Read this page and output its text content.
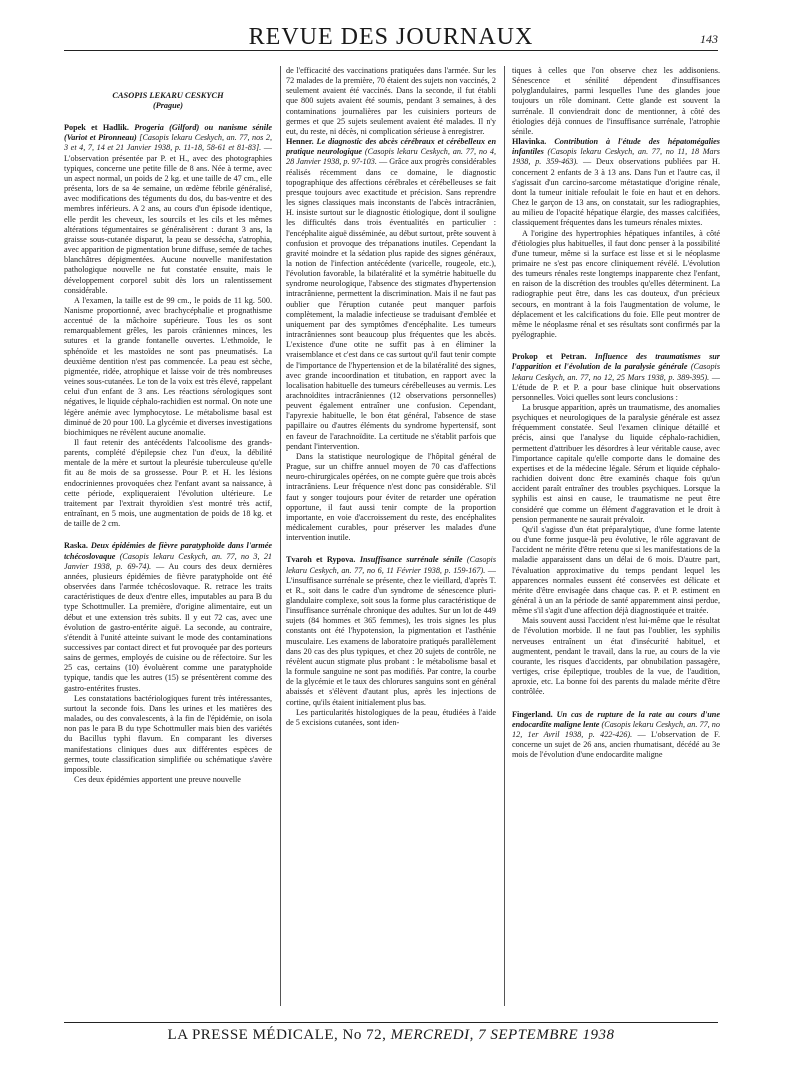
REVUE DES JOURNAUX	143
CASOPIS LEKARU CESKYCH
(Prague)

Popek et Hadlik. Progeria (Gilford) ou nanisme sénile (Variot et Pironneau) [Casopis lekaru Ceskych, an. 77, nos 2, 3 et 4, 7, 14 et 21 Janvier 1938, p. 11-18, 58-61 et 81-83]. — L'observation présentée par P. et H., avec des photographies typiques, concerne une petite fille de 8 ans. Née à terme, avec un aspect normal, un poids de 2 kg. et une taille de 47 cm., elle présenta, lors de sa 4e semaine, un œdème fébrile généralisé, avec modifications des téguments du dos, du bas-ventre et des membres inférieurs. A 2 ans, au cours d'un épisode identique, elle perdit les cheveux, les sourcils et les cils et les mêmes altérations tégumentaires se généralisèrent : durant 3 ans, la graisse sous-cutanée disparut, la peau se dessécha, s'atrophia, avec apparition de pigmentation brune diffuse, semée de taches blanchâtres dépigmentées. Aucune nouvelle manifestation pathologique nouvelle ne fut constatée ensuite, mais le développement corporel subit dès lors un ralentissement considérable.

A l'examen, la taille est de 99 cm., le poids de 11 kg. 500. Nanisme proportionné, avec brachycéphalie et prognathisme accentué de la mâchoire supérieure. Tous les os sont remarquablement grêles, les parois crâniennes minces, les sutures et la grande fontanelle ouvertes. L'ethmoïde, le sphénoïde et les mastoïdes ne sont pas pneumatisés. La deuxième dentition n'est pas commencée. La peau est sèche, pigmentée, ridée, atrophique et laisse voir de très nombreuses veines sous-cutanées. Le ton de la voix est très élevé, rappelant celui d'un enfant de 3 ans. Les réactions sérologiques sont négatives, le liquide céphalo-rachidien est normal. On note une légère anémie avec lymphocytose. Le métabolisme basal est diminué de 20 pour 100. La glycémie et diverses investigations biochimiques ne révèlent aucune anomalie.

Il faut retenir des antécédents l'alcoolisme des grands-parents, complété d'épilepsie chez l'un d'eux, la débilité mentale de la mère et surtout la pleurésie tuberculeuse qu'elle fit au 8e mois de sa grossesse. Pour P. et H. les lésions endocriniennes provoquées chez l'enfant avant sa naissance, à cette période, expliqueraient l'évolution ultérieure. Le traitement par l'extrait thyroïdien s'est montré très actif, entraînant, en 5 mois, une augmentation de poids de 18 kg. et de taille de 2 cm.

Raska. Deux épidémies de fièvre paratyphoïde dans l'armée tchécoslovaque (Casopis lekaru Ceskych, an. 77, no 3, 21 Janvier 1938, p. 69-74). — Au cours des deux dernières années, plusieurs épidémies de fièvre paratyphoïde ont été observées dans l'armée tchécoslovaque. R. retrace les traits caractéristiques de deux d'entre elles, imputables au para B du type Schottmuller. La première, d'origine alimentaire, eut un début et une extension très subits. Il y eut 72 cas, avec une évolution de gastro-entérite aiguë. La seconde, au contraire, s'étendit à l'unité atteinte suivant le mode des contaminations successives par contact direct et fut provoquée par des porteurs sains de germes, employés de cuisine ou de réfectoire. Sur les 25 cas, certains (10) évoluèrent comme une paratyphoïde typique, tandis que les autres (15) se présentèrent comme des gastro-entérites frustes.

Les constatations bactériologiques furent très intéressantes, surtout la seconde fois. Dans les urines et les matières des malades, ou des convalescents, à la fin de l'épidémie, on isola non pas le para B du type Schottmuller mais bien des variétés du Bacillus typhi flavum. En comparant les diverses manifestations cliniques dues aux différentes espèces de germes, toute classification simplifiée ou schématique s'avère impossible.

Ces deux épidémies apportent une preuve nouvelle

de l'efficacité des vaccinations pratiquées dans l'armée. Sur les 72 malades de la première, 70 étaient des sujets non vaccinés, 2 seulement avaient été vaccinés. Dans la seconde, il fut établi que 800 sujets avaient été soumis, pendant 3 semaines, à des contaminations journalières par les cuisiniers porteurs de germes et que 25 sujets seulement avaient été malades. Il n'y eut, du reste, ni décès, ni complication sérieuse à enregistrer.

Henner. Le diagnostic des abcès cérébraux et cérébelleux en pratique neurologique (Casopis lekaru Ceskych, an. 77, no 4, 28 Janvier 1938, p. 97-103. — Grâce aux progrès considérables réalisés récemment dans ce domaine, le diagnostic topographique des affections cérébrales et cérébelleuses se fait presque toujours avec exactitude et précision. Sans reprendre les signes classiques mais inconstants de l'abcès intracrânien, H. insiste surtout sur le diagnostic étiologique, dont il souligne les difficultés dans trois éventualités en particulier : l'encéphalite aiguë disséminée, au début surtout, prête souvent à confusion et provoque des trépanations inutiles. Cependant la gravité moindre et la sédation plus rapide des signes généraux, la notion de l'infection antécédente (varicelle, rougeole, etc.), l'évolution favorable, la bilatéralité et la symétrie habituelle du syndrome neurologique, l'absence des stigmates d'hypertension intracrânienne, permettent la discrimination. Mais il ne faut pas oublier que l'éruption cutanée peut manquer parfois complètement, la maladie infectieuse se traduisant d'emblée et uniquement par des symptômes d'encéphalite. Les tumeurs intracrâniennes sont beaucoup plus fréquentes que les abcès. L'existence d'une otite ne suffit pas à en éliminer la vraisemblance et c'est dans ce cas surtout qu'il faut tenir compte de l'importance de l'hypertension et de la bilatéralité des signes, avec grande incoordination et titubation, en rapport avec la localisation habituelle des tumeurs cérébelleuses au vermis. Les arachnoïdites intracrâniennes (12 observations personnelles) peuvent également entraîner une confusion. Cependant, l'apyrexie habituelle, le bon état général, l'absence de stase papillaire ou d'autres éléments du syndrome hypertensif, sont en faveur de l'arachnoïdite. La certitude ne s'établit parfois que pendant l'intervention.

Dans la statistique neurologique de l'hôpital général de Prague, sur un chiffre annuel moyen de 70 cas d'affections neuro-chirurgicales opérées, on ne compte guère que trois abcès intracrâniens. Leur fréquence n'est donc pas considérable. S'il faut y songer toujours pour éviter de retarder une opération opportune, il faut aussi tenir compte de la proportion importante, en voie d'accroissement du reste, des encéphalites médicalement curables, pour préserver les malades d'une intervention inutile.

Tvaroh et Rypova. Insuffisance surrénale sénile (Casopis lekaru Ceskych, an. 77, no 6, 11 Février 1938, p. 159-167). — L'insuffisance surrénale se présente, chez le vieillard, d'après T. et R., soit dans le cadre d'un syndrome de sénescence pluri-glandulaire complexe, soit sous la forme plus caractéristique de l'insuffisance surrénale chronique des adultes. Sur un lot de 449 sujets (84 hommes et 365 femmes), les trois signes les plus constants ont été l'hypotension, la pigmentation et l'asthénie musculaire. Les examens de laboratoire pratiqués parallèlement dans 20 cas des plus typiques, et chez 20 sujets de contrôle, ne révèlent aucun stigmate plus probant : le métabolisme basal et la formule sanguine ne sont pas modifiés. Par contre, la courbe de la glycémie et le taux des chlorures sanguins sont en général abaissés et s'élèvent d'autant plus, après les injections de cortine, qu'ils étaient initialement plus bas.

Les particularités histologiques de la peau, étudiées à l'aide de 5 excisions cutanées, sont iden-

tiques à celles que l'on observe chez les addisoniens. Sénescence et sénilité dépendent d'insuffisances polyglandulaires, parmi lesquelles l'une des glandes joue toujours un rôle dominant. Cette glande est souvent la surrénale. Il conviendrait donc de mentionner, à côté des étiologies déjà connues de l'insuffisance surrénale, l'atrophie sénile.

Hlavinka. Contribution à l'étude des hépatomégalies infantiles (Casopis lekaru Ceskych, an. 77, no 11, 18 Mars 1938, p. 359-463). — Deux observations publiées par H. concernent 2 enfants de 3 à 13 ans. Dans l'un et l'autre cas, il s'agissait d'un carcino-sarcome métastatique d'origine rénale, dont la tumeur initiale refoulait le foie en haut et en dehors. Chez le garçon de 13 ans, on constatait, sur les radiographies, au milieu de l'opacité hépatique élargie, des masses calcifiées, classiquement fréquentes dans les tumeurs rénales mixtes.

A l'origine des hypertrophies hépatiques infantiles, à côté d'étiologies plus habituelles, il faut donc penser à la possibilité d'une tumeur, même si la surface est lisse et si le néoplasme primaire ne s'est pas encore cliniquement révélé. L'évolution des tumeurs rénales reste longtemps inapparente chez l'enfant, en raison de la discrétion des troubles qu'elles déterminent. La radiographie peut être, dans les cas douteux, d'un précieux secours, en montrant à la fois l'augmentation de volume, le déplacement et les calcifications du foie. Elle peut montrer de même le néoplasme rénal et ses résultats sont confirmés par la pyélographie.

Prokop et Petran. Influence des traumatismes sur l'apparition et l'évolution de la paralysie générale (Casopis lekaru Ceskych, an. 77, no 12, 25 Mars 1938, p. 389-395). — L'étude de P. et P. a pour base clinique huit observations personnelles. Voici quelles sont leurs conclusions :

La brusque apparition, après un traumatisme, des anomalies psychiques et neurologiques de la paralysie générale est assez fréquemment constatée. Seul l'examen clinique détaillé et précis, ainsi que l'analyse du liquide céphalo-rachidien, permettent d'attribuer les désordres à leur véritable cause, avec l'importance capitale qu'elle comporte dans le domaine des expertises et de la médecine légale. Sérum et liquide céphalo-rachidien doivent donc être examinés chaque fois qu'un accident paraît entraîner des troubles psychiques. Lorsque la syphilis est ainsi en cause, le traumatisme ne peut être considéré que comme un élément d'aggravation et le droit à pension permanente ne saurait prévaloir.

Qu'il s'agisse d'un état préparalytique, d'une forme latente ou d'une forme jusque-là peu évolutive, le rôle aggravant de l'accident ne mérite d'être retenu que si les manifestations de la maladie apparaissent dans un délai de 6 mois. D'autre part, l'évaluation approximative du temps pendant lequel les apparences normales eussent été conservées est délicate et mérite d'être envisagée dans chaque cas. P. et P. estiment en général à un an la période de santé apparemment ainsi perdue, même s'il s'agit d'une affection déjà diagnostiquée et traitée.

Mais souvent aussi l'accident n'est lui-même que le résultat de l'évolution morbide. Il ne faut pas l'oublier, les syphilis nerveuses entraînent un état d'insécurité habituel, et augmentent, pendant le travail, dans la rue, au cours de la vie courante, les risques d'accidents, par obnubilation passagère, vertiges, crise épileptique, troubles de la vue, de l'audition, aproxie, etc. La bonne foi des parents du malade mérite d'être contrôlée.

Fingerland. Un cas de rupture de la rate au cours d'une endocardite maligne lente (Casopis lekaru Ceskych, an. 77, no 12, 1er Avril 1938, p. 422-426). — L'observation de F. concerne un sujet de 26 ans, ancien rhumatisant, décédé au 3e mois de l'évolution d'une endocardite maligne

LA PRESSE MÉDICALE, No 72, MERCREDI, 7 SEPTEMBRE 1938
